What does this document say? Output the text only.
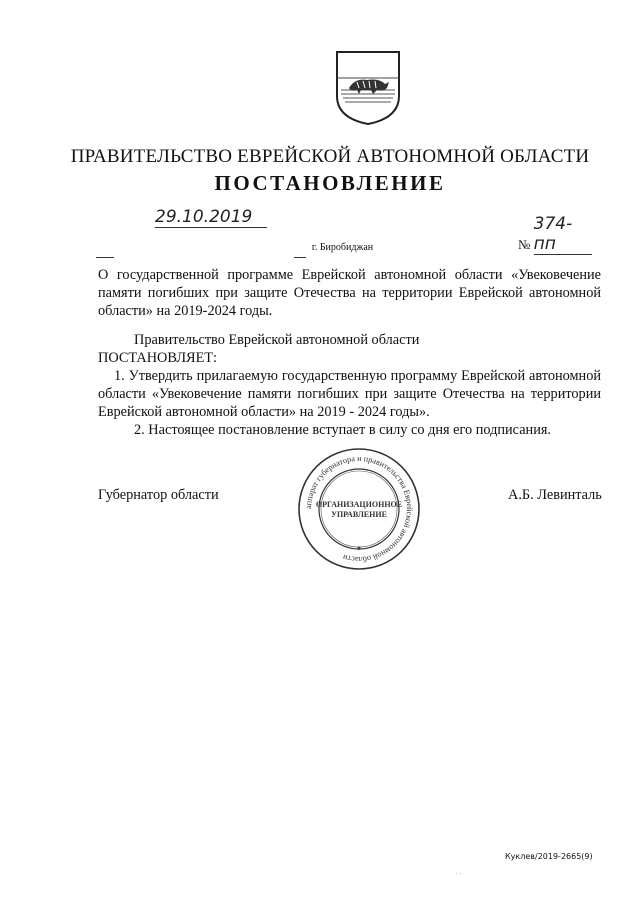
ПРАВИТЕЛЬСТВО ЕВРЕЙСКОЙ АВТОНОМНОЙ ОБЛАСТИ
ПОСТАНОВЛЕНИЕ
29.10.2019
№ 374-пп
г. Биробиджан
О государственной программе Еврейской автономной области «Увековечение памяти погибших при защите Отечества на территории Еврейской автономной области» на 2019-2024 годы.
Правительство Еврейской автономной области
ПОСТАНОВЛЯЕТ:
1. Утвердить прилагаемую государственную программу Еврейской автономной области «Увековечение памяти погибших при защите Отечества на территории Еврейской автономной области» на 2019 - 2024 годы».
2. Настоящее постановление вступает в силу со дня его подписания.
Губернатор области	А.Б. Левинталь
аппарат губернатора и правительства Еврейской автономной области
ОРГАНИЗАЦИОННОЕ
УПРАВЛЕНИЕ
✶
Куклев/2019-2665(9)
· ·
